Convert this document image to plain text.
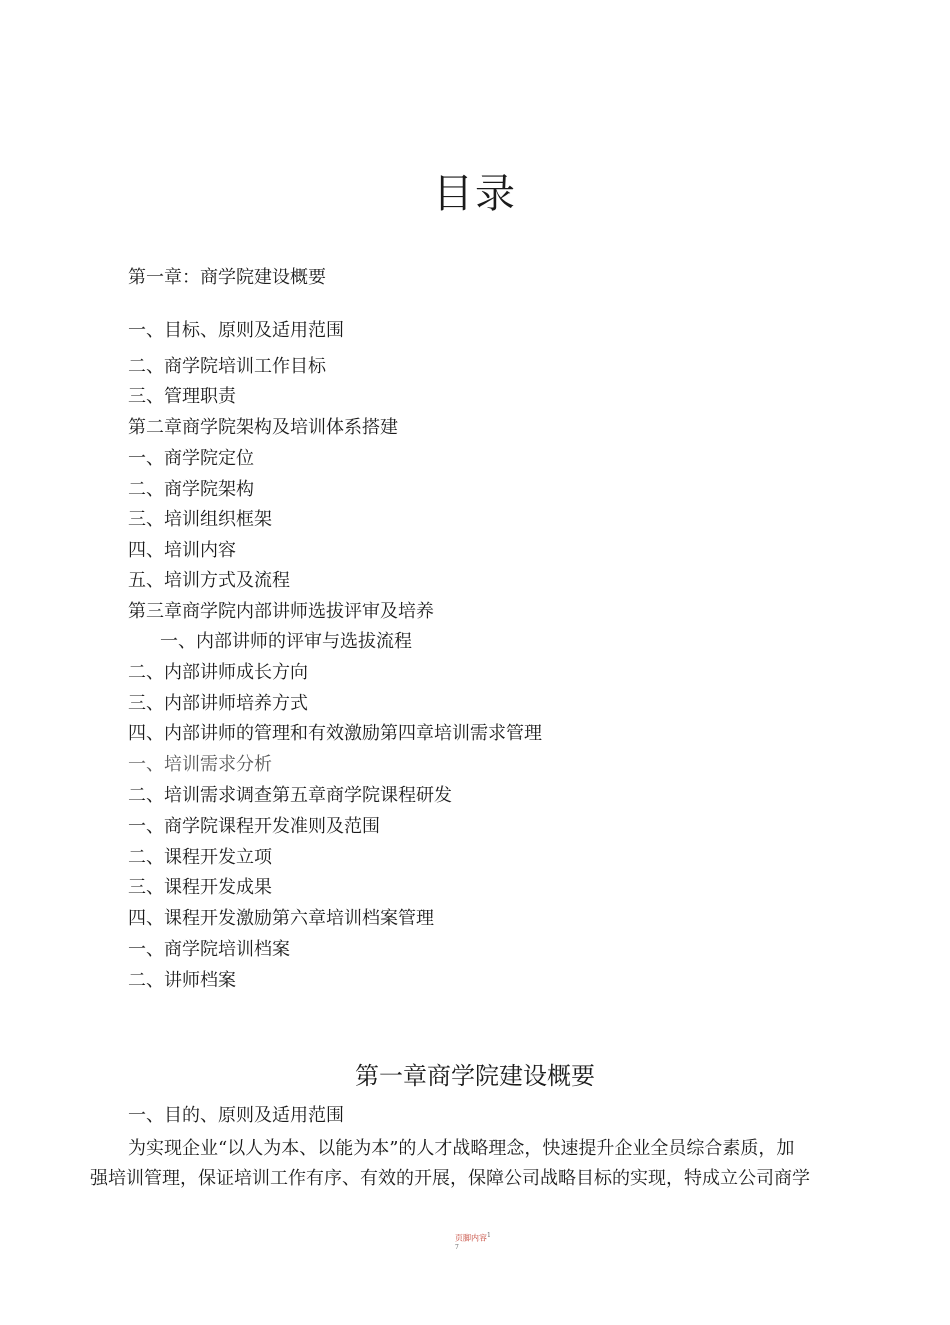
目录
第一章：商学院建设概要
一、目标、原则及适用范围
二、商学院培训工作目标
三、管理职责
第二章商学院架构及培训体系搭建
一、商学院定位
二、商学院架构
三、培训组织框架
四、培训内容
五、培训方式及流程
第三章商学院内部讲师选拔评审及培养
一、内部讲师的评审与选拔流程
二、内部讲师成长方向
三、内部讲师培养方式
四、内部讲师的管理和有效激励第四章培训需求管理
一、培训需求分析
二、培训需求调查第五章商学院课程研发
一、商学院课程开发准则及范围
二、课程开发立项
三、课程开发成果
四、课程开发激励第六章培训档案管理
一、商学院培训档案
二、讲师档案
第一章商学院建设概要
一、目的、原则及适用范围
为实现企业“以人为本、以能为本”的人才战略理念，快速提升企业全员综合素质，加
强培训管理，保证培训工作有序、有效的开展，保障公司战略目标的实现，特成立公司商学
页脚内容$^1$
7
